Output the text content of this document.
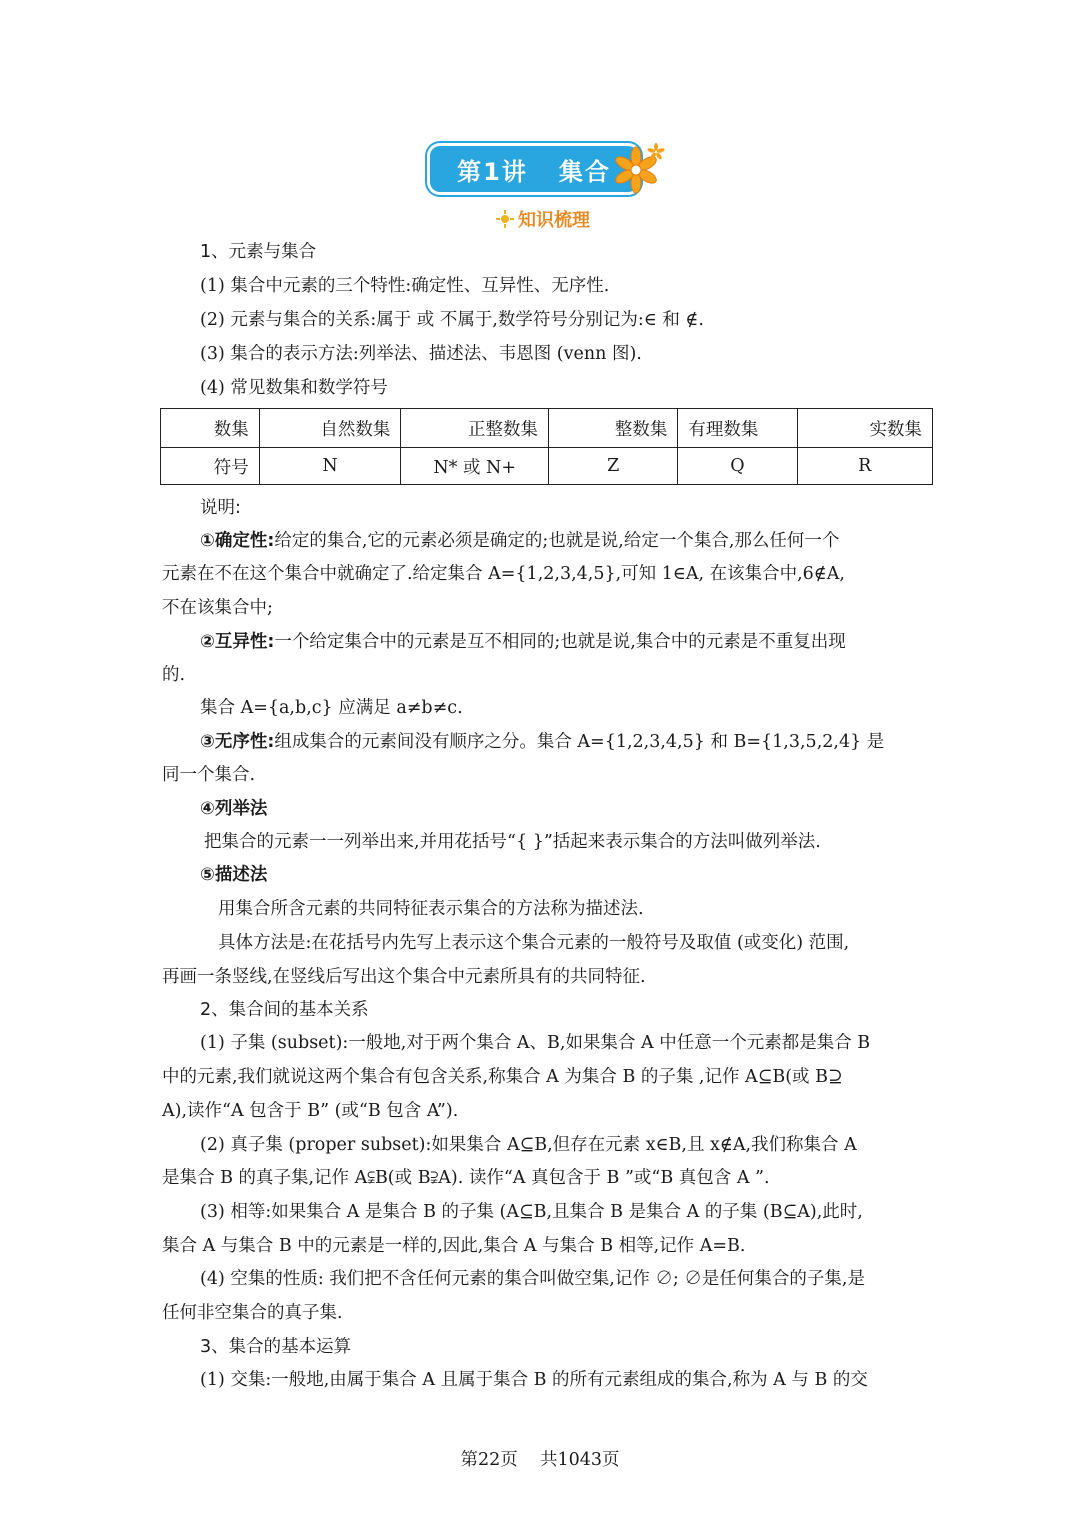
第1讲   集合
知识梳理
1、元素与集合
(1) 集合中元素的三个特性:确定性、互异性、无序性.
(2) 元素与集合的关系:属于 或 不属于,数学符号分别记为:∈ 和 ∉.
(3) 集合的表示方法:列举法、描述法、韦恩图 (venn 图).
(4) 常见数集和数学符号
数集	自然数集	正整数集	整数集	有理数集	实数集
符号	N	N* 或 N+	Z	Q	R
说明:
①确定性:给定的集合,它的元素必须是确定的;也就是说,给定一个集合,那么任何一个
元素在不在这个集合中就确定了.给定集合 A={1,2,3,4,5},可知 1∈A, 在该集合中,6∉A,
不在该集合中;
②互异性:一个给定集合中的元素是互不相同的;也就是说,集合中的元素是不重复出现
的.
集合 A={a,b,c} 应满足 a≠b≠c.
③无序性:组成集合的元素间没有顺序之分。集合 A={1,2,3,4,5} 和 B={1,3,5,2,4} 是
同一个集合.
④列举法
把集合的元素一一列举出来,并用花括号“{ }”括起来表示集合的方法叫做列举法.
⑤描述法
用集合所含元素的共同特征表示集合的方法称为描述法.
具体方法是:在花括号内先写上表示这个集合元素的一般符号及取值 (或变化) 范围,
再画一条竖线,在竖线后写出这个集合中元素所具有的共同特征.
2、集合间的基本关系
(1) 子集 (subset):一般地,对于两个集合 A、B,如果集合 A 中任意一个元素都是集合 B
中的元素,我们就说这两个集合有包含关系,称集合 A 为集合 B 的子集 ,记作 A⊆B(或 B⊇
A),读作“A 包含于 B” (或“B 包含 A”).
(2) 真子集 (proper subset):如果集合 A⊆B,但存在元素 x∈B,且 x∉A,我们称集合 A
是集合 B 的真子集,记作 A⫋B(或 B⫌A). 读作“A 真包含于 B ”或“B 真包含 A ”.
(3) 相等:如果集合 A 是集合 B 的子集 (A⊆B,且集合 B 是集合 A 的子集 (B⊆A),此时,
集合 A 与集合 B 中的元素是一样的,因此,集合 A 与集合 B 相等,记作 A=B.
(4) 空集的性质: 我们把不含任何元素的集合叫做空集,记作 ∅; ∅是任何集合的子集,是
任何非空集合的真子集.
3、集合的基本运算
(1) 交集:一般地,由属于集合 A 且属于集合 B 的所有元素组成的集合,称为 A 与 B 的交
第22页    共1043页
